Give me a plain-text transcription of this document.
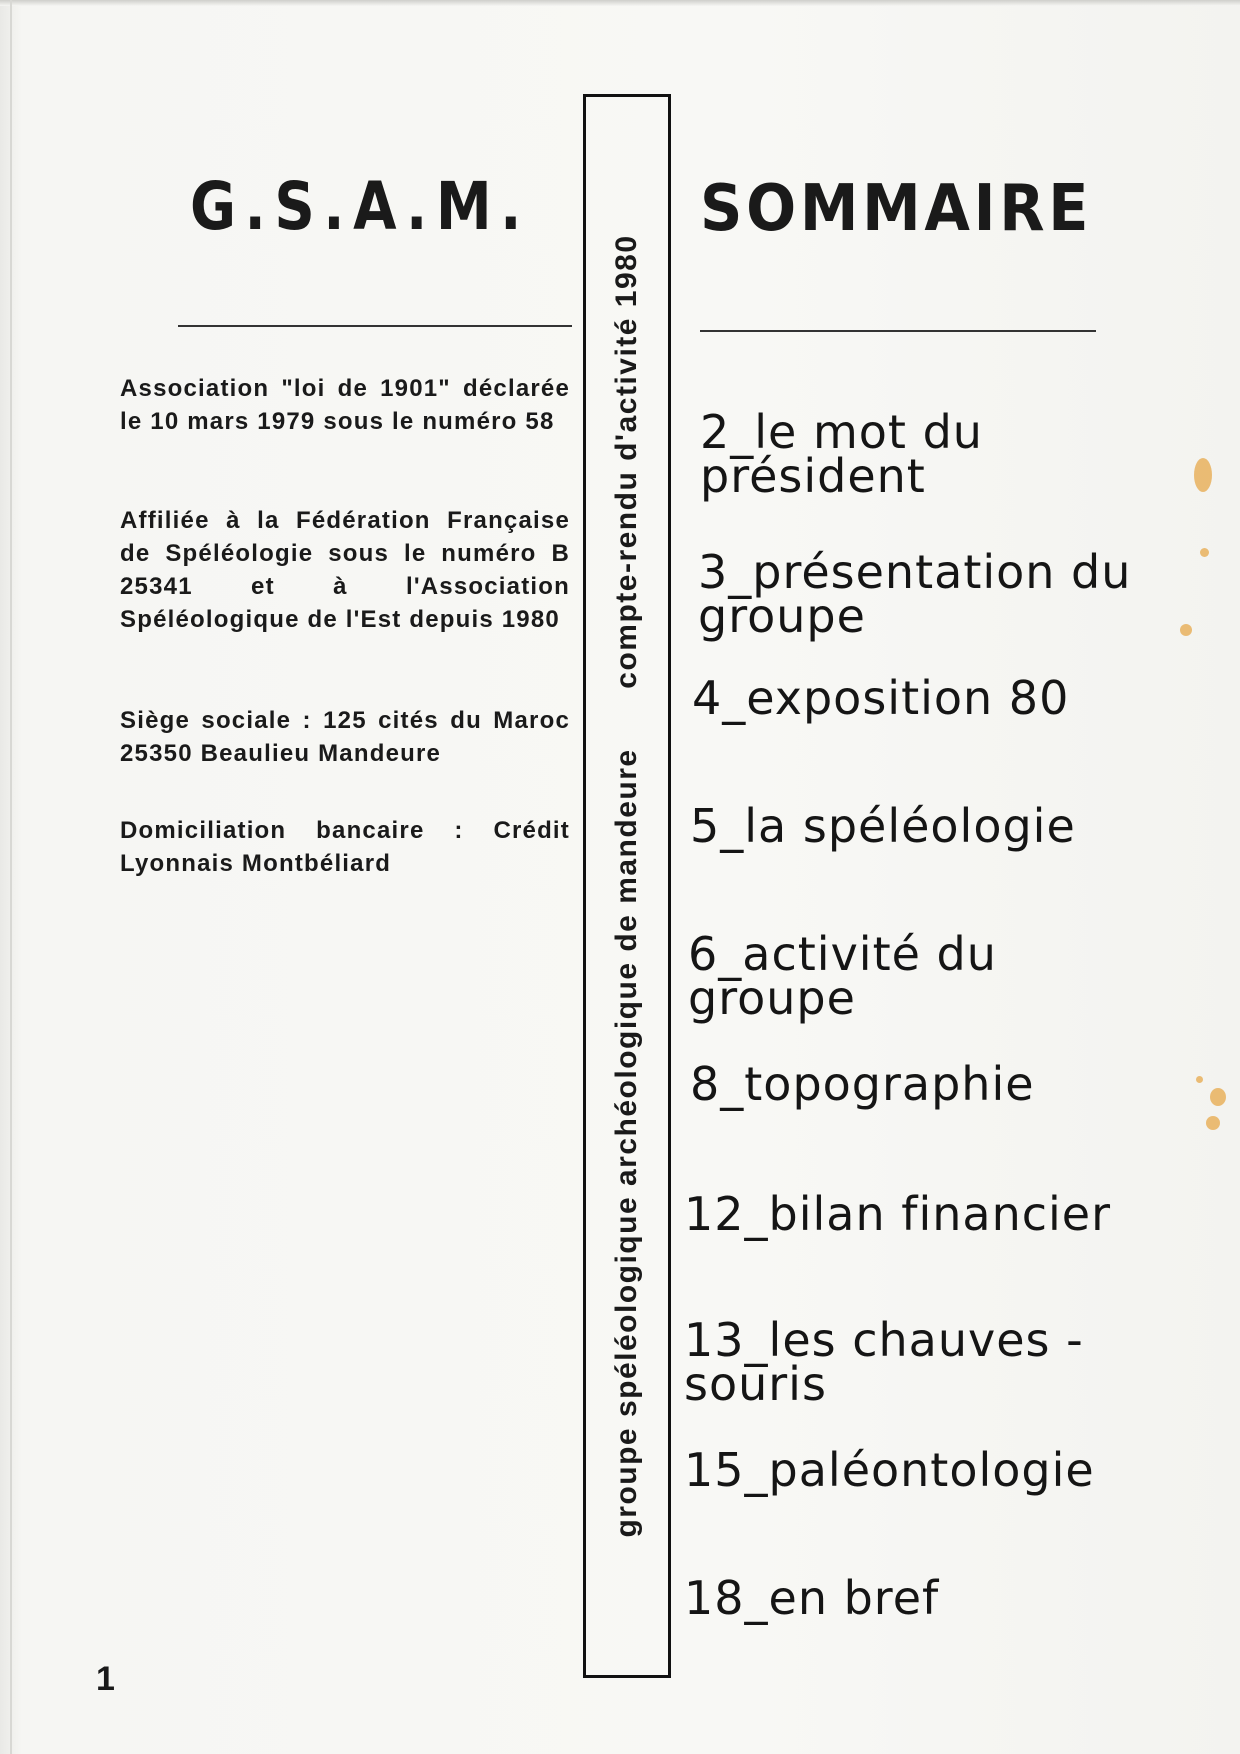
G.S.A.M.
Association "loi de 1901" déclarée le 10 mars 1979 sous le numéro 58
Affiliée à la Fédération Française de Spéléologie sous le numéro B 25341 et à l'Association Spéléologique de l'Est depuis 1980
Siège sociale : 125 cités du Maroc 25350 Beaulieu Mandeure
Domiciliation bancaire : Crédit Lyonnais Montbéliard
1
groupe spéléologique archéologique de mandeure  compte-rendu d'activité 1980
SOMMAIRE
2_le mot du président
3_présentation du groupe
4_exposition 80
5_la spéléologie
6_activité du groupe
8_topographie
12_bilan financier
13_les chauves - souris
15_paléontologie
18_en bref
